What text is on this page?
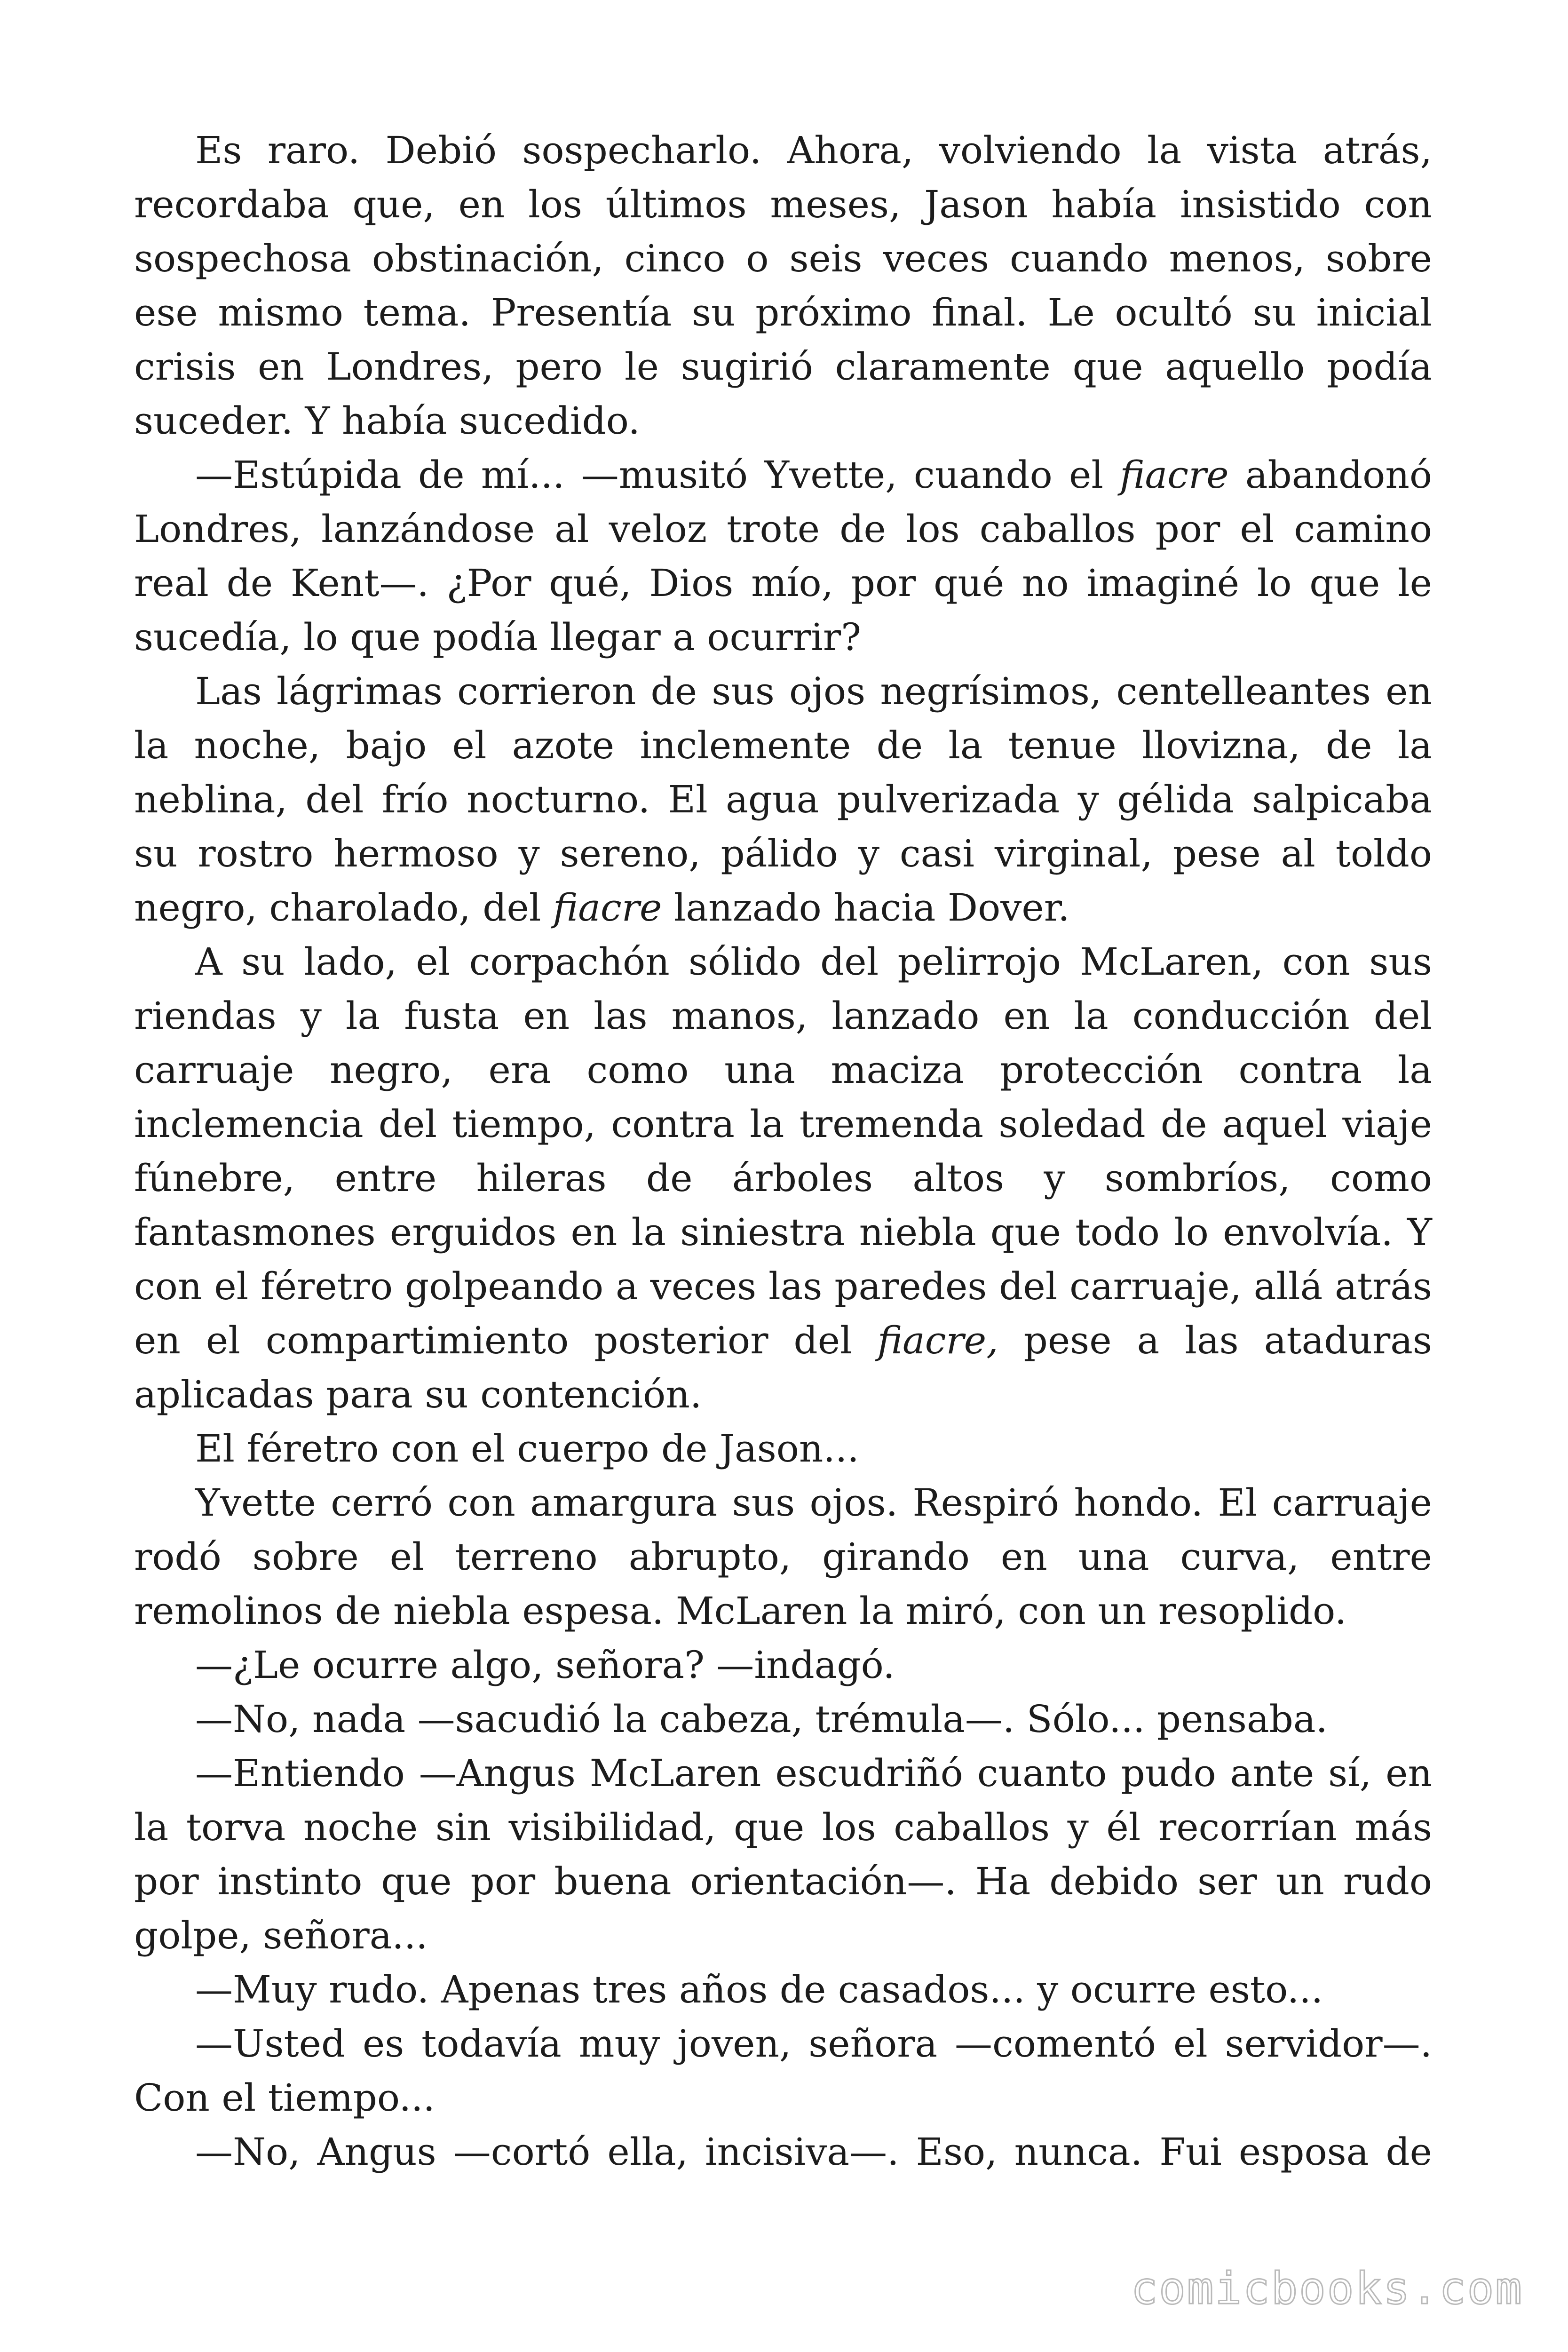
Es raro. Debió sospecharlo. Ahora, volviendo la vista atrás, recordaba que, en los últimos meses, Jason había insistido con sospechosa obstinación, cinco o seis veces cuando menos, sobre ese mismo tema. Presentía su próximo final. Le ocultó su inicial crisis en Londres, pero le sugirió claramente que aquello podía suceder. Y había sucedido.

—Estúpida de mí... —musitó Yvette, cuando el fiacre abandonó Londres, lanzándose al veloz trote de los caballos por el camino real de Kent—. ¿Por qué, Dios mío, por qué no imaginé lo que le sucedía, lo que podía llegar a ocurrir?

Las lágrimas corrieron de sus ojos negrísimos, centelleantes en la noche, bajo el azote inclemente de la tenue llovizna, de la neblina, del frío nocturno. El agua pulverizada y gélida salpicaba su rostro hermoso y sereno, pálido y casi virginal, pese al toldo negro, charolado, del fiacre lanzado hacia Dover.

A su lado, el corpachón sólido del pelirrojo McLaren, con sus riendas y la fusta en las manos, lanzado en la conducción del carruaje negro, era como una maciza protección contra la inclemencia del tiempo, contra la tremenda soledad de aquel viaje fúnebre, entre hileras de árboles altos y sombríos, como fantasmones erguidos en la siniestra niebla que todo lo envolvía. Y con el féretro golpeando a veces las paredes del carruaje, allá atrás en el compartimiento posterior del fiacre, pese a las ataduras aplicadas para su contención.

El féretro con el cuerpo de Jason...

Yvette cerró con amargura sus ojos. Respiró hondo. El carruaje rodó sobre el terreno abrupto, girando en una curva, entre remolinos de niebla espesa. McLaren la miró, con un resoplido.

—¿Le ocurre algo, señora? —indagó.

—No, nada —sacudió la cabeza, trémula—. Sólo... pensaba.

—Entiendo —Angus McLaren escudriñó cuanto pudo ante sí, en la torva noche sin visibilidad, que los caballos y él recorrían más por instinto que por buena orientación—. Ha debido ser un rudo golpe, señora...

—Muy rudo. Apenas tres años de casados... y ocurre esto...

—Usted es todavía muy joven, señora —comentó el servidor—. Con el tiempo...

—No, Angus —cortó ella, incisiva—. Eso, nunca. Fui esposa de

comicbooks.com
